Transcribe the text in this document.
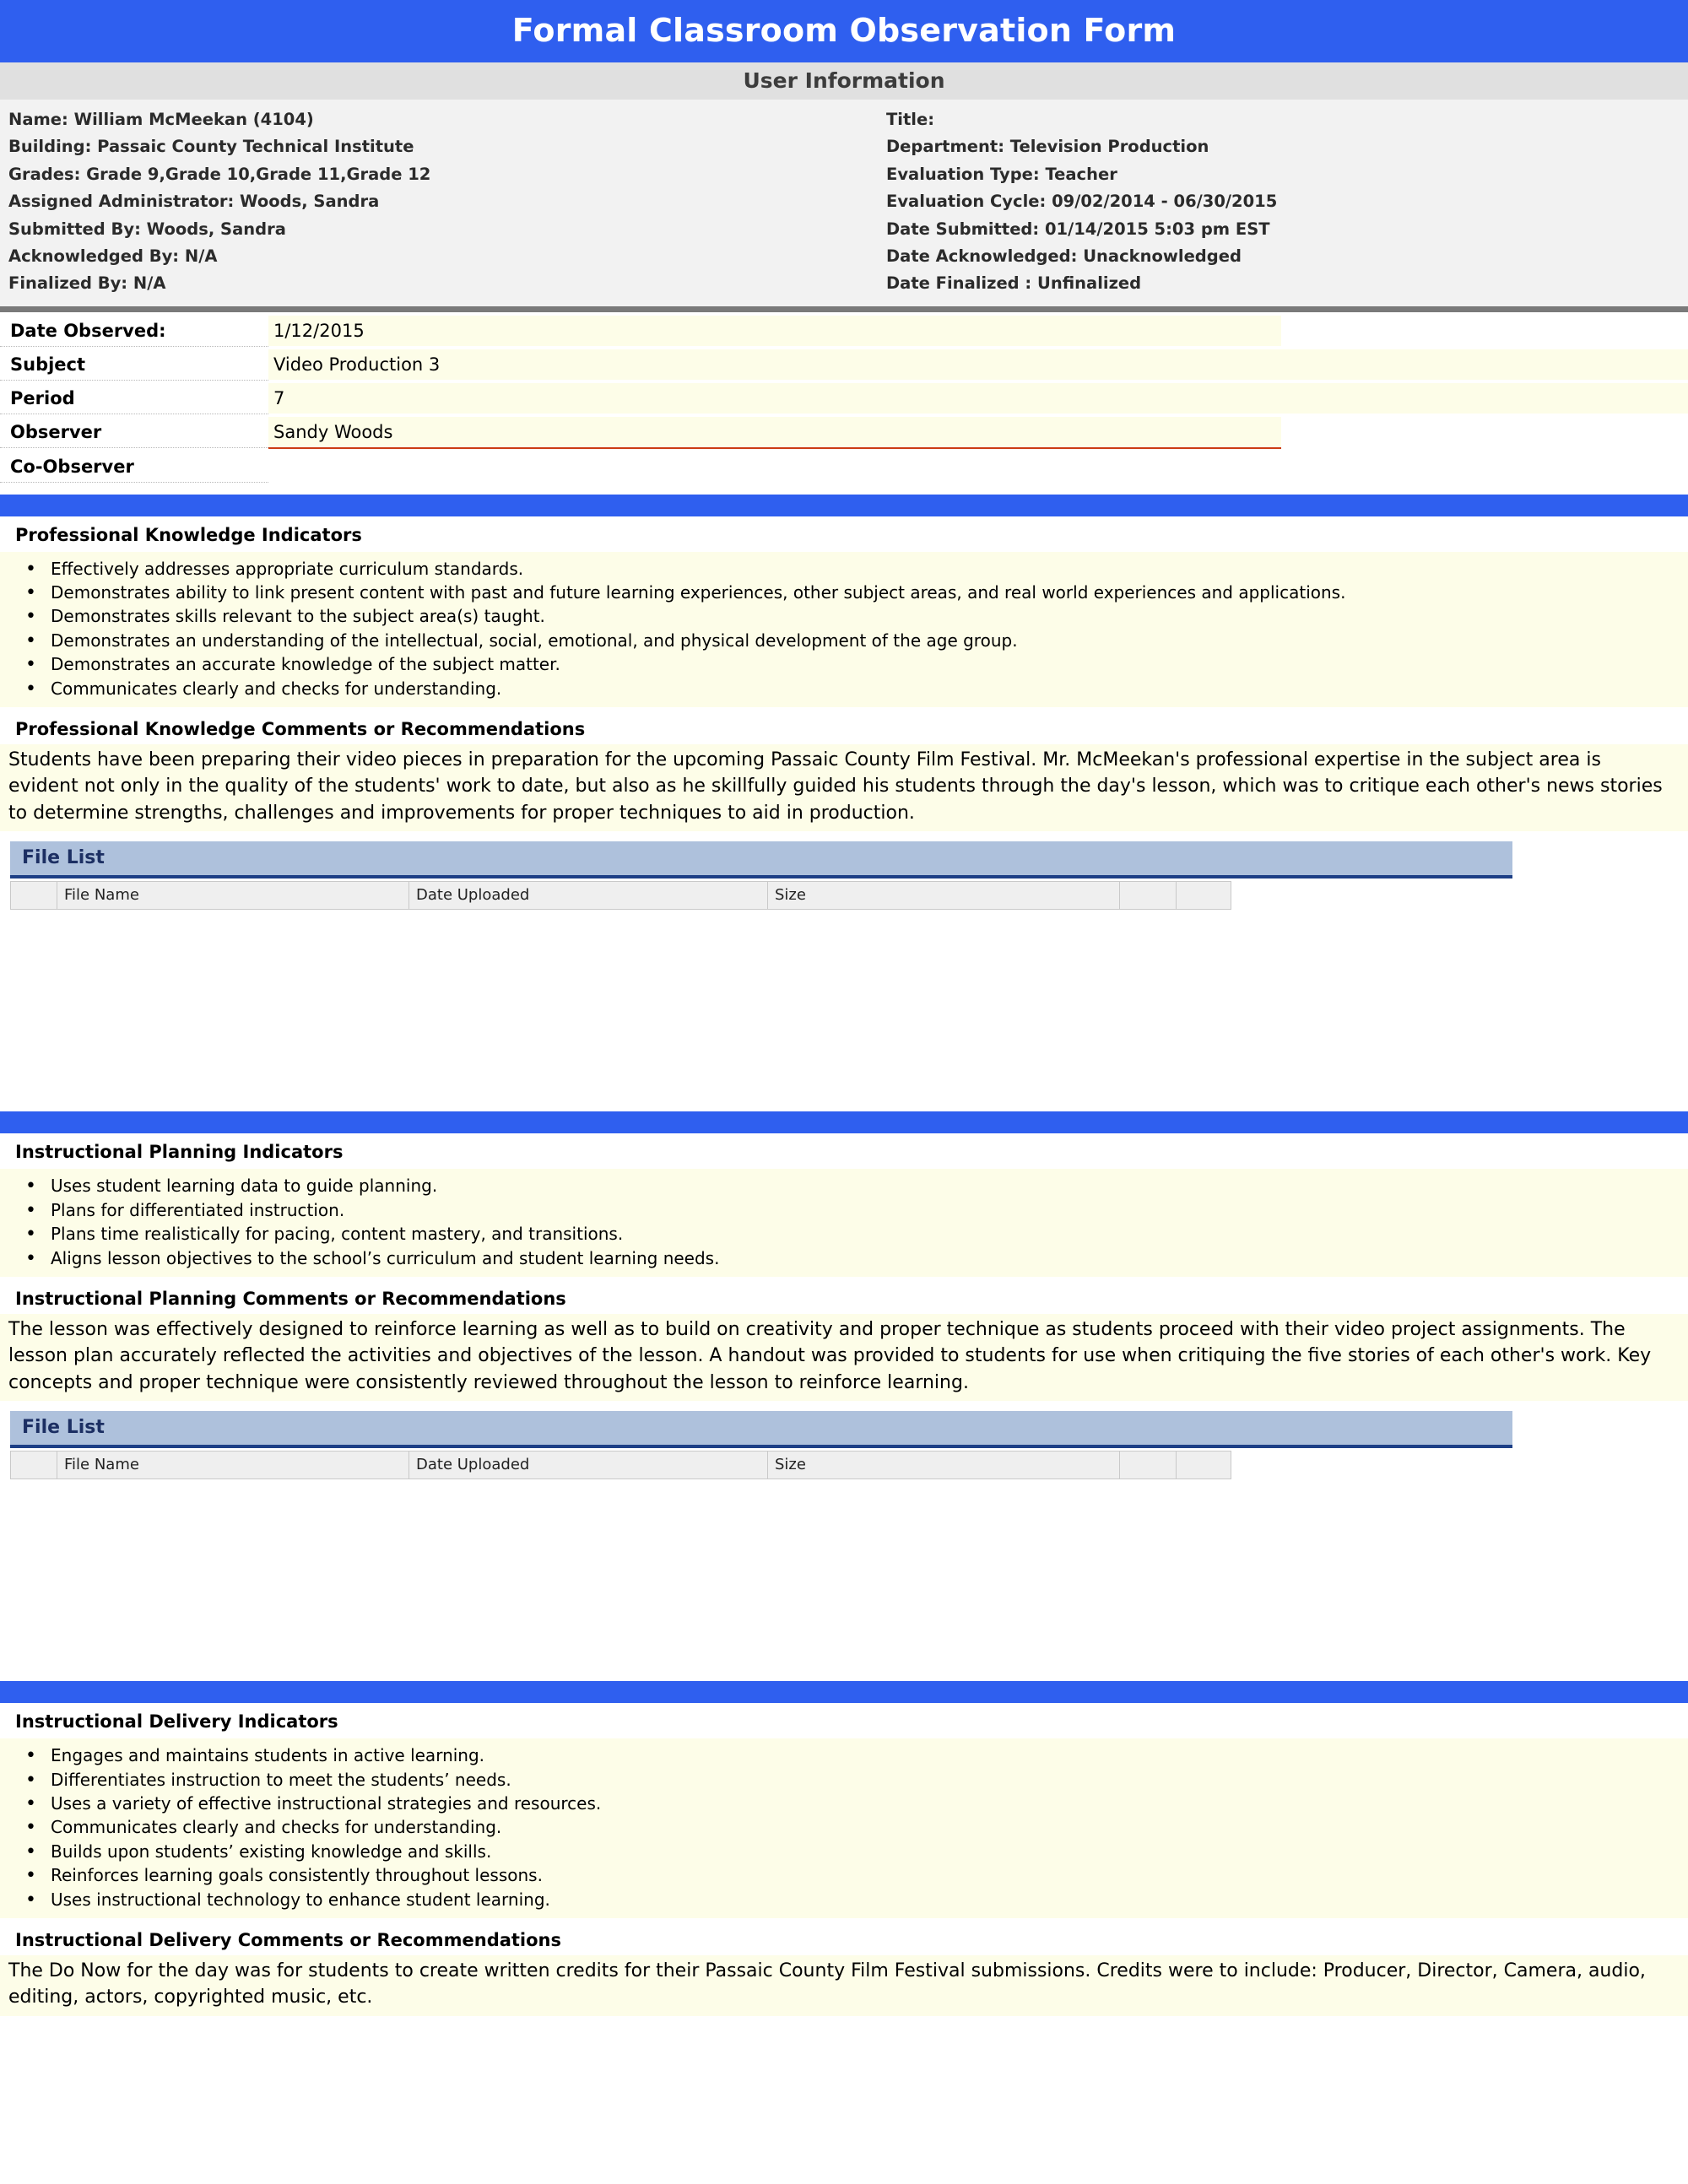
Formal Classroom Observation Form
User Information
Name: William McMeekan (4104)	Title:
Building: Passaic County Technical Institute	Department: Television Production
Grades: Grade 9,Grade 10,Grade 11,Grade 12	Evaluation Type: Teacher
Assigned Administrator: Woods, Sandra	Evaluation Cycle: 09/02/2014 - 06/30/2015
Submitted By: Woods, Sandra	Date Submitted: 01/14/2015 5:03 pm EST
Acknowledged By: N/A	Date Acknowledged: Unacknowledged
Finalized By: N/A	Date Finalized : Unfinalized
Date Observed:	1/12/2015
Subject	Video Production 3
Period	7
Observer	Sandy Woods
Co-Observer
Professional Knowledge Indicators
• Effectively addresses appropriate curriculum standards.
• Demonstrates ability to link present content with past and future learning experiences, other subject areas, and real world experiences and applications.
• Demonstrates skills relevant to the subject area(s) taught.
• Demonstrates an understanding of the intellectual, social, emotional, and physical development of the age group.
• Demonstrates an accurate knowledge of the subject matter.
• Communicates clearly and checks for understanding.
Professional Knowledge Comments or Recommendations
Students have been preparing their video pieces in preparation for the upcoming Passaic County Film Festival. Mr. McMeekan's professional expertise in the subject area is evident not only in the quality of the students' work to date, but also as he skillfully guided his students through the day's lesson, which was to critique each other's news stories to determine strengths, challenges and improvements for proper techniques to aid in production.
File List
	File Name	Date Uploaded	Size		
Instructional Planning Indicators
• Uses student learning data to guide planning.
• Plans for differentiated instruction.
• Plans time realistically for pacing, content mastery, and transitions.
• Aligns lesson objectives to the school’s curriculum and student learning needs.
Instructional Planning Comments or Recommendations
The lesson was effectively designed to reinforce learning as well as to build on creativity and proper technique as students proceed with their video project assignments. The lesson plan accurately reflected the activities and objectives of the lesson. A handout was provided to students for use when critiquing the five stories of each other's work. Key concepts and proper technique were consistently reviewed throughout the lesson to reinforce learning.
File List
	File Name	Date Uploaded	Size		
Instructional Delivery Indicators
• Engages and maintains students in active learning.
• Differentiates instruction to meet the students’ needs.
• Uses a variety of effective instructional strategies and resources.
• Communicates clearly and checks for understanding.
• Builds upon students’ existing knowledge and skills.
• Reinforces learning goals consistently throughout lessons.
• Uses instructional technology to enhance student learning.
Instructional Delivery Comments or Recommendations
The Do Now for the day was for students to create written credits for their Passaic County Film Festival submissions. Credits were to include: Producer, Director, Camera, audio, editing, actors, copyrighted music, etc.
